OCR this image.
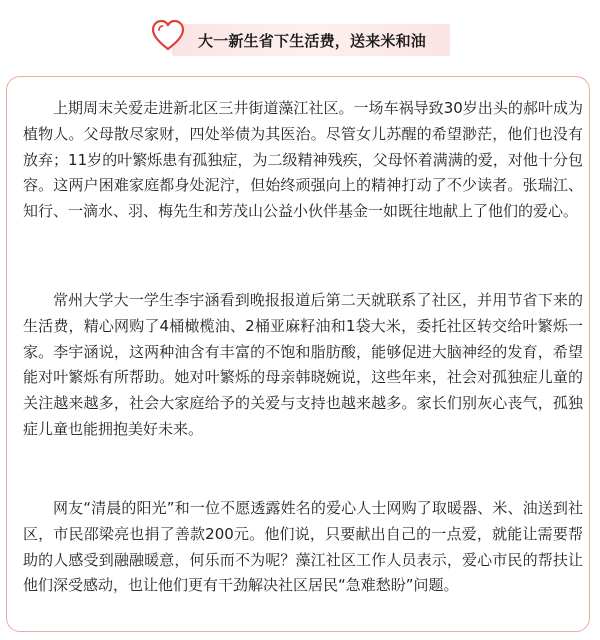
大一新生省下生活费，送来米和油

上期周末关爱走进新北区三井街道藻江社区。一场车祸导致30岁出头的郝叶成为植物人。父母散尽家财，四处举债为其医治。尽管女儿苏醒的希望渺茫，他们也没有放弃；11岁的叶繁烁患有孤独症，为二级精神残疾，父母怀着满满的爱，对他十分包容。这两户困难家庭都身处泥泞，但始终顽强向上的精神打动了不少读者。张瑞江、知行、一滴水、羽、梅先生和芳茂山公益小伙伴基金一如既往地献上了他们的爱心。

常州大学大一学生李宇涵看到晚报报道后第二天就联系了社区，并用节省下来的生活费，精心网购了4桶橄榄油、2桶亚麻籽油和1袋大米，委托社区转交给叶繁烁一家。李宇涵说，这两种油含有丰富的不饱和脂肪酸，能够促进大脑神经的发育，希望能对叶繁烁有所帮助。她对叶繁烁的母亲韩晓婉说，这些年来，社会对孤独症儿童的关注越来越多，社会大家庭给予的关爱与支持也越来越多。家长们别灰心丧气，孤独症儿童也能拥抱美好未来。

网友“清晨的阳光”和一位不愿透露姓名的爱心人士网购了取暖器、米、油送到社区，市民邵梁亮也捐了善款200元。他们说，只要献出自己的一点爱，就能让需要帮助的人感受到融融暖意，何乐而不为呢？藻江社区工作人员表示，爱心市民的帮扶让他们深受感动，也让他们更有干劲解决社区居民“急难愁盼”问题。
